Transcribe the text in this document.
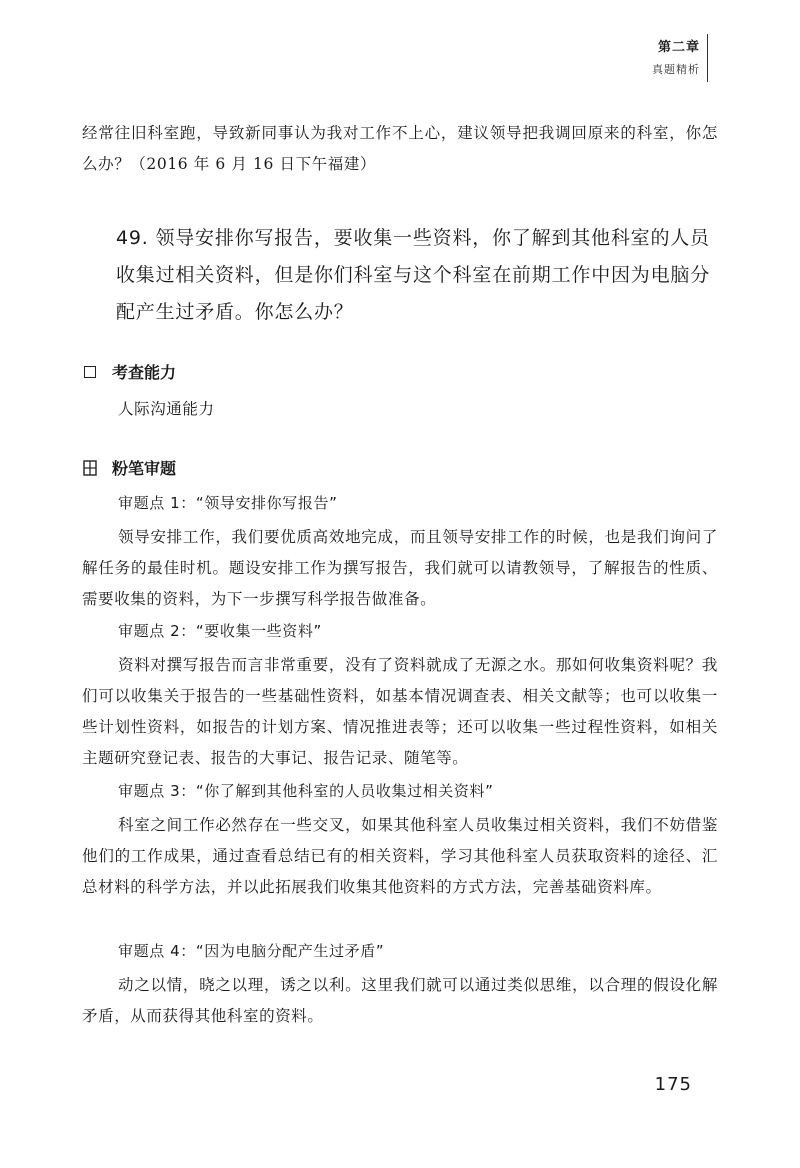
第二章
真题精析
经常往旧科室跑，导致新同事认为我对工作不上心，建议领导把我调回原来的科室，你怎么办？（2016 年 6 月 16 日下午福建）
49. 领导安排你写报告，要收集一些资料，你了解到其他科室的人员收集过相关资料，但是你们科室与这个科室在前期工作中因为电脑分配产生过矛盾。你怎么办？
考查能力
人际沟通能力
粉笔审题
审题点 1：“领导安排你写报告”
领导安排工作，我们要优质高效地完成，而且领导安排工作的时候，也是我们询问了解任务的最佳时机。题设安排工作为撰写报告，我们就可以请教领导，了解报告的性质、需要收集的资料，为下一步撰写科学报告做准备。
审题点 2：“要收集一些资料”
资料对撰写报告而言非常重要，没有了资料就成了无源之水。那如何收集资料呢？我们可以收集关于报告的一些基础性资料，如基本情况调查表、相关文献等；也可以收集一些计划性资料，如报告的计划方案、情况推进表等；还可以收集一些过程性资料，如相关主题研究登记表、报告的大事记、报告记录、随笔等。
审题点 3：“你了解到其他科室的人员收集过相关资料”
科室之间工作必然存在一些交叉，如果其他科室人员收集过相关资料，我们不妨借鉴他们的工作成果，通过查看总结已有的相关资料，学习其他科室人员获取资料的途径、汇总材料的科学方法，并以此拓展我们收集其他资料的方式方法，完善基础资料库。
审题点 4：“因为电脑分配产生过矛盾”
动之以情，晓之以理，诱之以利。这里我们就可以通过类似思维，以合理的假设化解矛盾，从而获得其他科室的资料。
175
